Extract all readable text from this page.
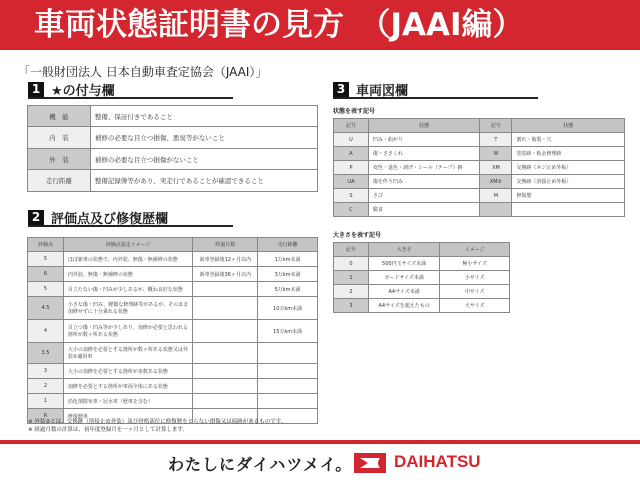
車両状態証明書の見方　（JAAI編）
「一般財団法人 日本自動車査定協会（JAAI）」
1 ★の付与欄
機　能	整備、保証付きであること
内　装	補修の必要な目立つ損傷、悪臭等がないこと
外　装	補修の必要な目立つ損傷がないこと
走行距離	整備記録簿等があり、実走行であることが確認できること
2 評価点及び修復歴欄
評価点	評価点設定イメージ	経過月数	走行距離
5	ほぼ新車の状態で、内外装、無傷・無補修の状態	新車登録後12ヶ月以内	1万km未満
6	内外装、無傷・無補修の状態	新車登録後36ヶ月以内	3万km未満
5	目立たない傷・凹みが少しあるが、概ね良好な状態		5万km未満
4.5	小さな傷・凹み、軽微な修理跡等があるが、そのまま加修せずに十分乗れる状態		10万km未満
4	目立つ傷・凹み等が少しあり、加修が必要と思われる箇所が数ヶ所ある状態		15万km未満
3.5	大小の加修を必要とする箇所が数ヶ所ある状態又は外装②適用車		
3	大小の加修を必要とする箇所が多数ある状態		
2	加修を必要とする箇所が車両全体にある状態		
1	消化剤散布車・冠水車（歴車を含む）		
R	修復歴車		
3 車両図欄
状態を表す記号
記号	状態	記号	状態
U	凹み・曲がり	T	割れ・亀裂・穴
A	傷・ささくれ	W	塗装跡・板金修理跡
P	変色・退色・剥げ・シール（テープ）跡	XM	交換跡（ネジ止め外板）
UA	傷を伴う凹み	XM②	交換跡（溶接止め外板）
S	さび	M	修復歴
C	腐食		
大きさを表す記号
記号	大きさ	イメージ
0	500円玉サイズ未満	極小サイズ
1	カードサイズ未満	小サイズ
2	A4サイズ未満	中サイズ
3	A4サイズを超えたもの	大サイズ
※ 外装②とは、交換跡（溶接止め外装）及び骨格部位に修復歴をとらない損傷又は痕跡があるものです。
※ 経過月数の計算は、初年度登録月を一ヶ月として計算します。
わたしにダイハツメイ。 DAIHATSU
